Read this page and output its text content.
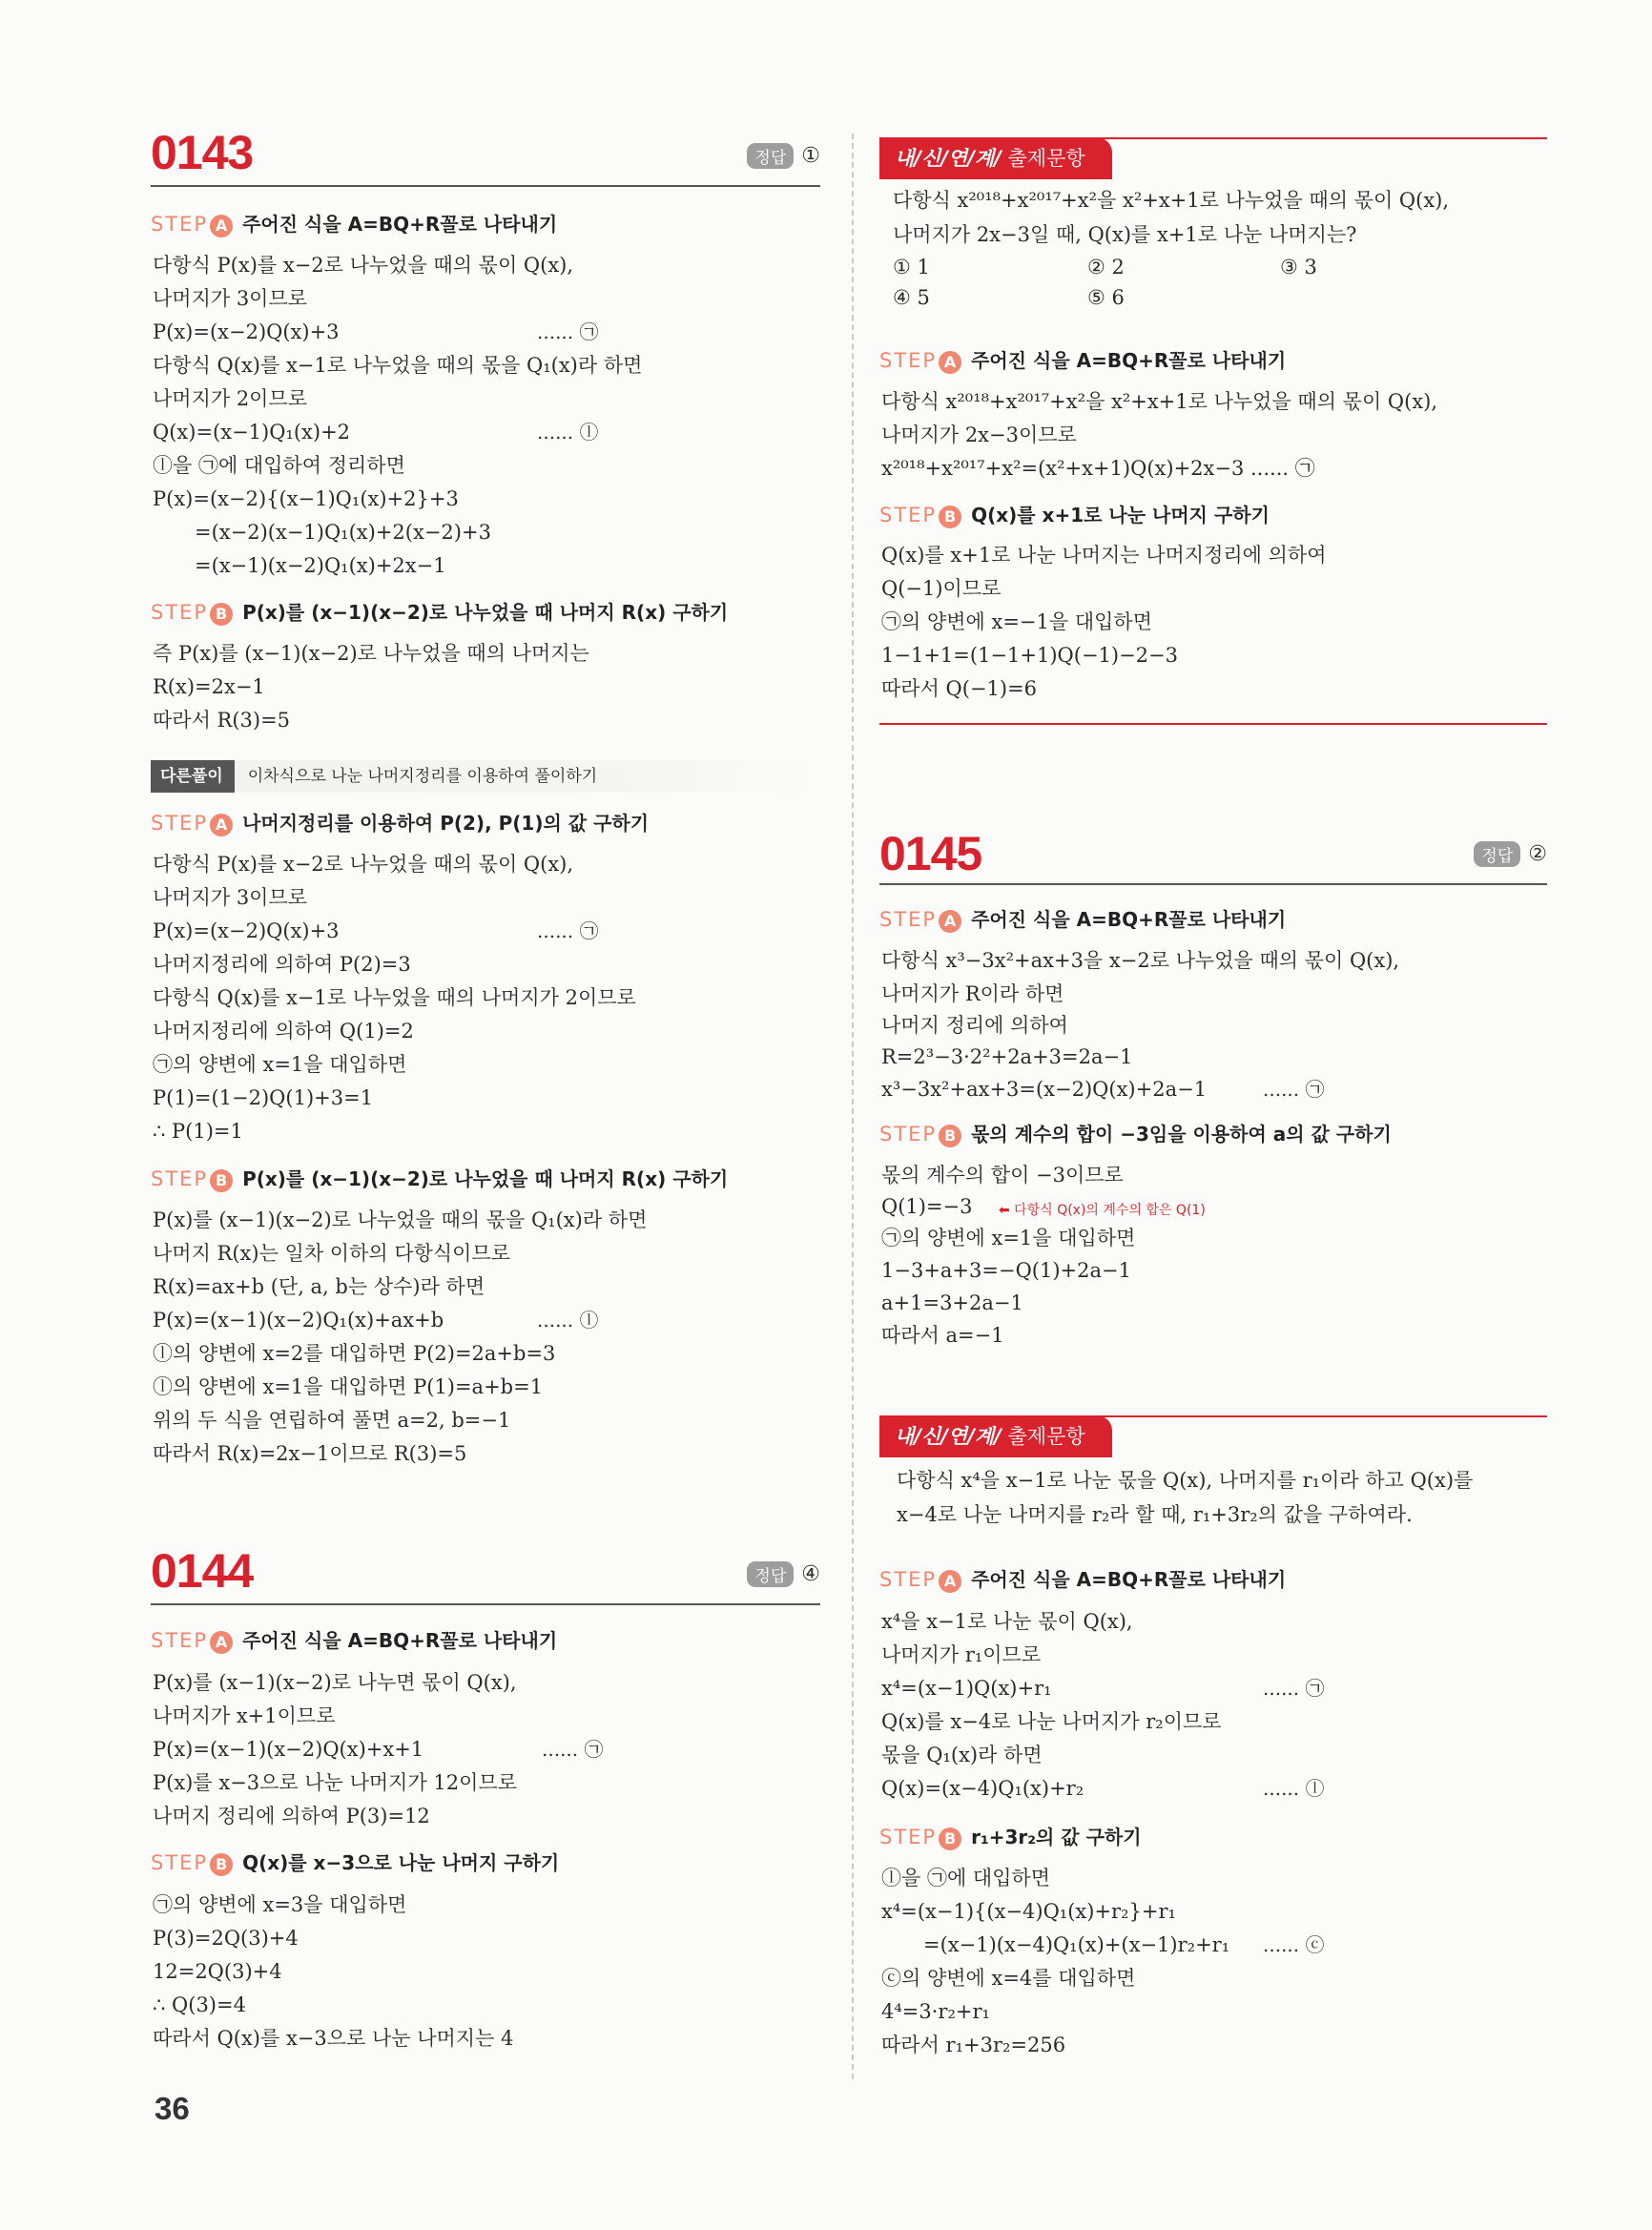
0143	정답 ①
STEP A 주어진 식을 A=BQ+R꼴로 나타내기
다항식 P(x)를 x−2로 나누었을 때의 몫이 Q(x),
나머지가 3이므로
P(x)=(x−2)Q(x)+3	...... ㉠
다항식 Q(x)를 x−1로 나누었을 때의 몫을 Q₁(x)라 하면
나머지가 2이므로
Q(x)=(x−1)Q₁(x)+2	...... ⓛ
ⓛ을 ㉠에 대입하여 정리하면
P(x)=(x−2){(x−1)Q₁(x)+2}+3
=(x−2)(x−1)Q₁(x)+2(x−2)+3
=(x−1)(x−2)Q₁(x)+2x−1
STEP B P(x)를 (x−1)(x−2)로 나누었을 때 나머지 R(x) 구하기
즉 P(x)를 (x−1)(x−2)로 나누었을 때의 나머지는
R(x)=2x−1
따라서 R(3)=5
다른풀이 이차식으로 나눈 나머지정리를 이용하여 풀이하기
STEP A 나머지정리를 이용하여 P(2), P(1)의 값 구하기
다항식 P(x)를 x−2로 나누었을 때의 몫이 Q(x),
나머지가 3이므로
P(x)=(x−2)Q(x)+3	...... ㉠
나머지정리에 의하여 P(2)=3
다항식 Q(x)를 x−1로 나누었을 때의 나머지가 2이므로
나머지정리에 의하여 Q(1)=2
㉠의 양변에 x=1을 대입하면
P(1)=(1−2)Q(1)+3=1
∴ P(1)=1
STEP B P(x)를 (x−1)(x−2)로 나누었을 때 나머지 R(x) 구하기
P(x)를 (x−1)(x−2)로 나누었을 때의 몫을 Q₁(x)라 하면
나머지 R(x)는 일차 이하의 다항식이므로
R(x)=ax+b (단, a, b는 상수)라 하면
P(x)=(x−1)(x−2)Q₁(x)+ax+b	...... ⓛ
ⓛ의 양변에 x=2를 대입하면 P(2)=2a+b=3
ⓛ의 양변에 x=1을 대입하면 P(1)=a+b=1
위의 두 식을 연립하여 풀면 a=2, b=−1
따라서 R(x)=2x−1이므로 R(3)=5
0144	정답 ④
STEP A 주어진 식을 A=BQ+R꼴로 나타내기
P(x)를 (x−1)(x−2)로 나누면 몫이 Q(x),
나머지가 x+1이므로
P(x)=(x−1)(x−2)Q(x)+x+1	...... ㉠
P(x)를 x−3으로 나눈 나머지가 12이므로
나머지 정리에 의하여 P(3)=12
STEP B Q(x)를 x−3으로 나눈 나머지 구하기
㉠의 양변에 x=3을 대입하면
P(3)=2Q(3)+4
12=2Q(3)+4
∴ Q(3)=4
따라서 Q(x)를 x−3으로 나눈 나머지는 4
내/신/연/계/ 출제문항
다항식 x²⁰¹⁸+x²⁰¹⁷+x²을 x²+x+1로 나누었을 때의 몫이 Q(x),
나머지가 2x−3일 때, Q(x)를 x+1로 나눈 나머지는?
① 1	② 2	③ 3
④ 5	⑤ 6
STEP A 주어진 식을 A=BQ+R꼴로 나타내기
다항식 x²⁰¹⁸+x²⁰¹⁷+x²을 x²+x+1로 나누었을 때의 몫이 Q(x),
나머지가 2x−3이므로
x²⁰¹⁸+x²⁰¹⁷+x²=(x²+x+1)Q(x)+2x−3 ...... ㉠
STEP B Q(x)를 x+1로 나눈 나머지 구하기
Q(x)를 x+1로 나눈 나머지는 나머지정리에 의하여
Q(−1)이므로
㉠의 양변에 x=−1을 대입하면
1−1+1=(1−1+1)Q(−1)−2−3
따라서 Q(−1)=6
0145	정답 ②
STEP A 주어진 식을 A=BQ+R꼴로 나타내기
다항식 x³−3x²+ax+3을 x−2로 나누었을 때의 몫이 Q(x),
나머지가 R이라 하면
나머지 정리에 의하여
R=2³−3·2²+2a+3=2a−1
x³−3x²+ax+3=(x−2)Q(x)+2a−1	...... ㉠
STEP B 몫의 계수의 합이 −3임을 이용하여 a의 값 구하기
몫의 계수의 합이 −3이므로
Q(1)=−3 ⬅ 다항식 Q(x)의 계수의 합은 Q(1)
㉠의 양변에 x=1을 대입하면
1−3+a+3=−Q(1)+2a−1
a+1=3+2a−1
따라서 a=−1
내/신/연/계/ 출제문항
다항식 x⁴을 x−1로 나눈 몫을 Q(x), 나머지를 r₁이라 하고 Q(x)를
x−4로 나눈 나머지를 r₂라 할 때, r₁+3r₂의 값을 구하여라.
STEP A 주어진 식을 A=BQ+R꼴로 나타내기
x⁴을 x−1로 나눈 몫이 Q(x),
나머지가 r₁이므로
x⁴=(x−1)Q(x)+r₁	...... ㉠
Q(x)를 x−4로 나눈 나머지가 r₂이므로
몫을 Q₁(x)라 하면
Q(x)=(x−4)Q₁(x)+r₂	...... ⓛ
STEP B r₁+3r₂의 값 구하기
ⓛ을 ㉠에 대입하면
x⁴=(x−1){(x−4)Q₁(x)+r₂}+r₁
=(x−1)(x−4)Q₁(x)+(x−1)r₂+r₁ ...... ⓒ
ⓒ의 양변에 x=4를 대입하면
4⁴=3·r₂+r₁
따라서 r₁+3r₂=256
36
